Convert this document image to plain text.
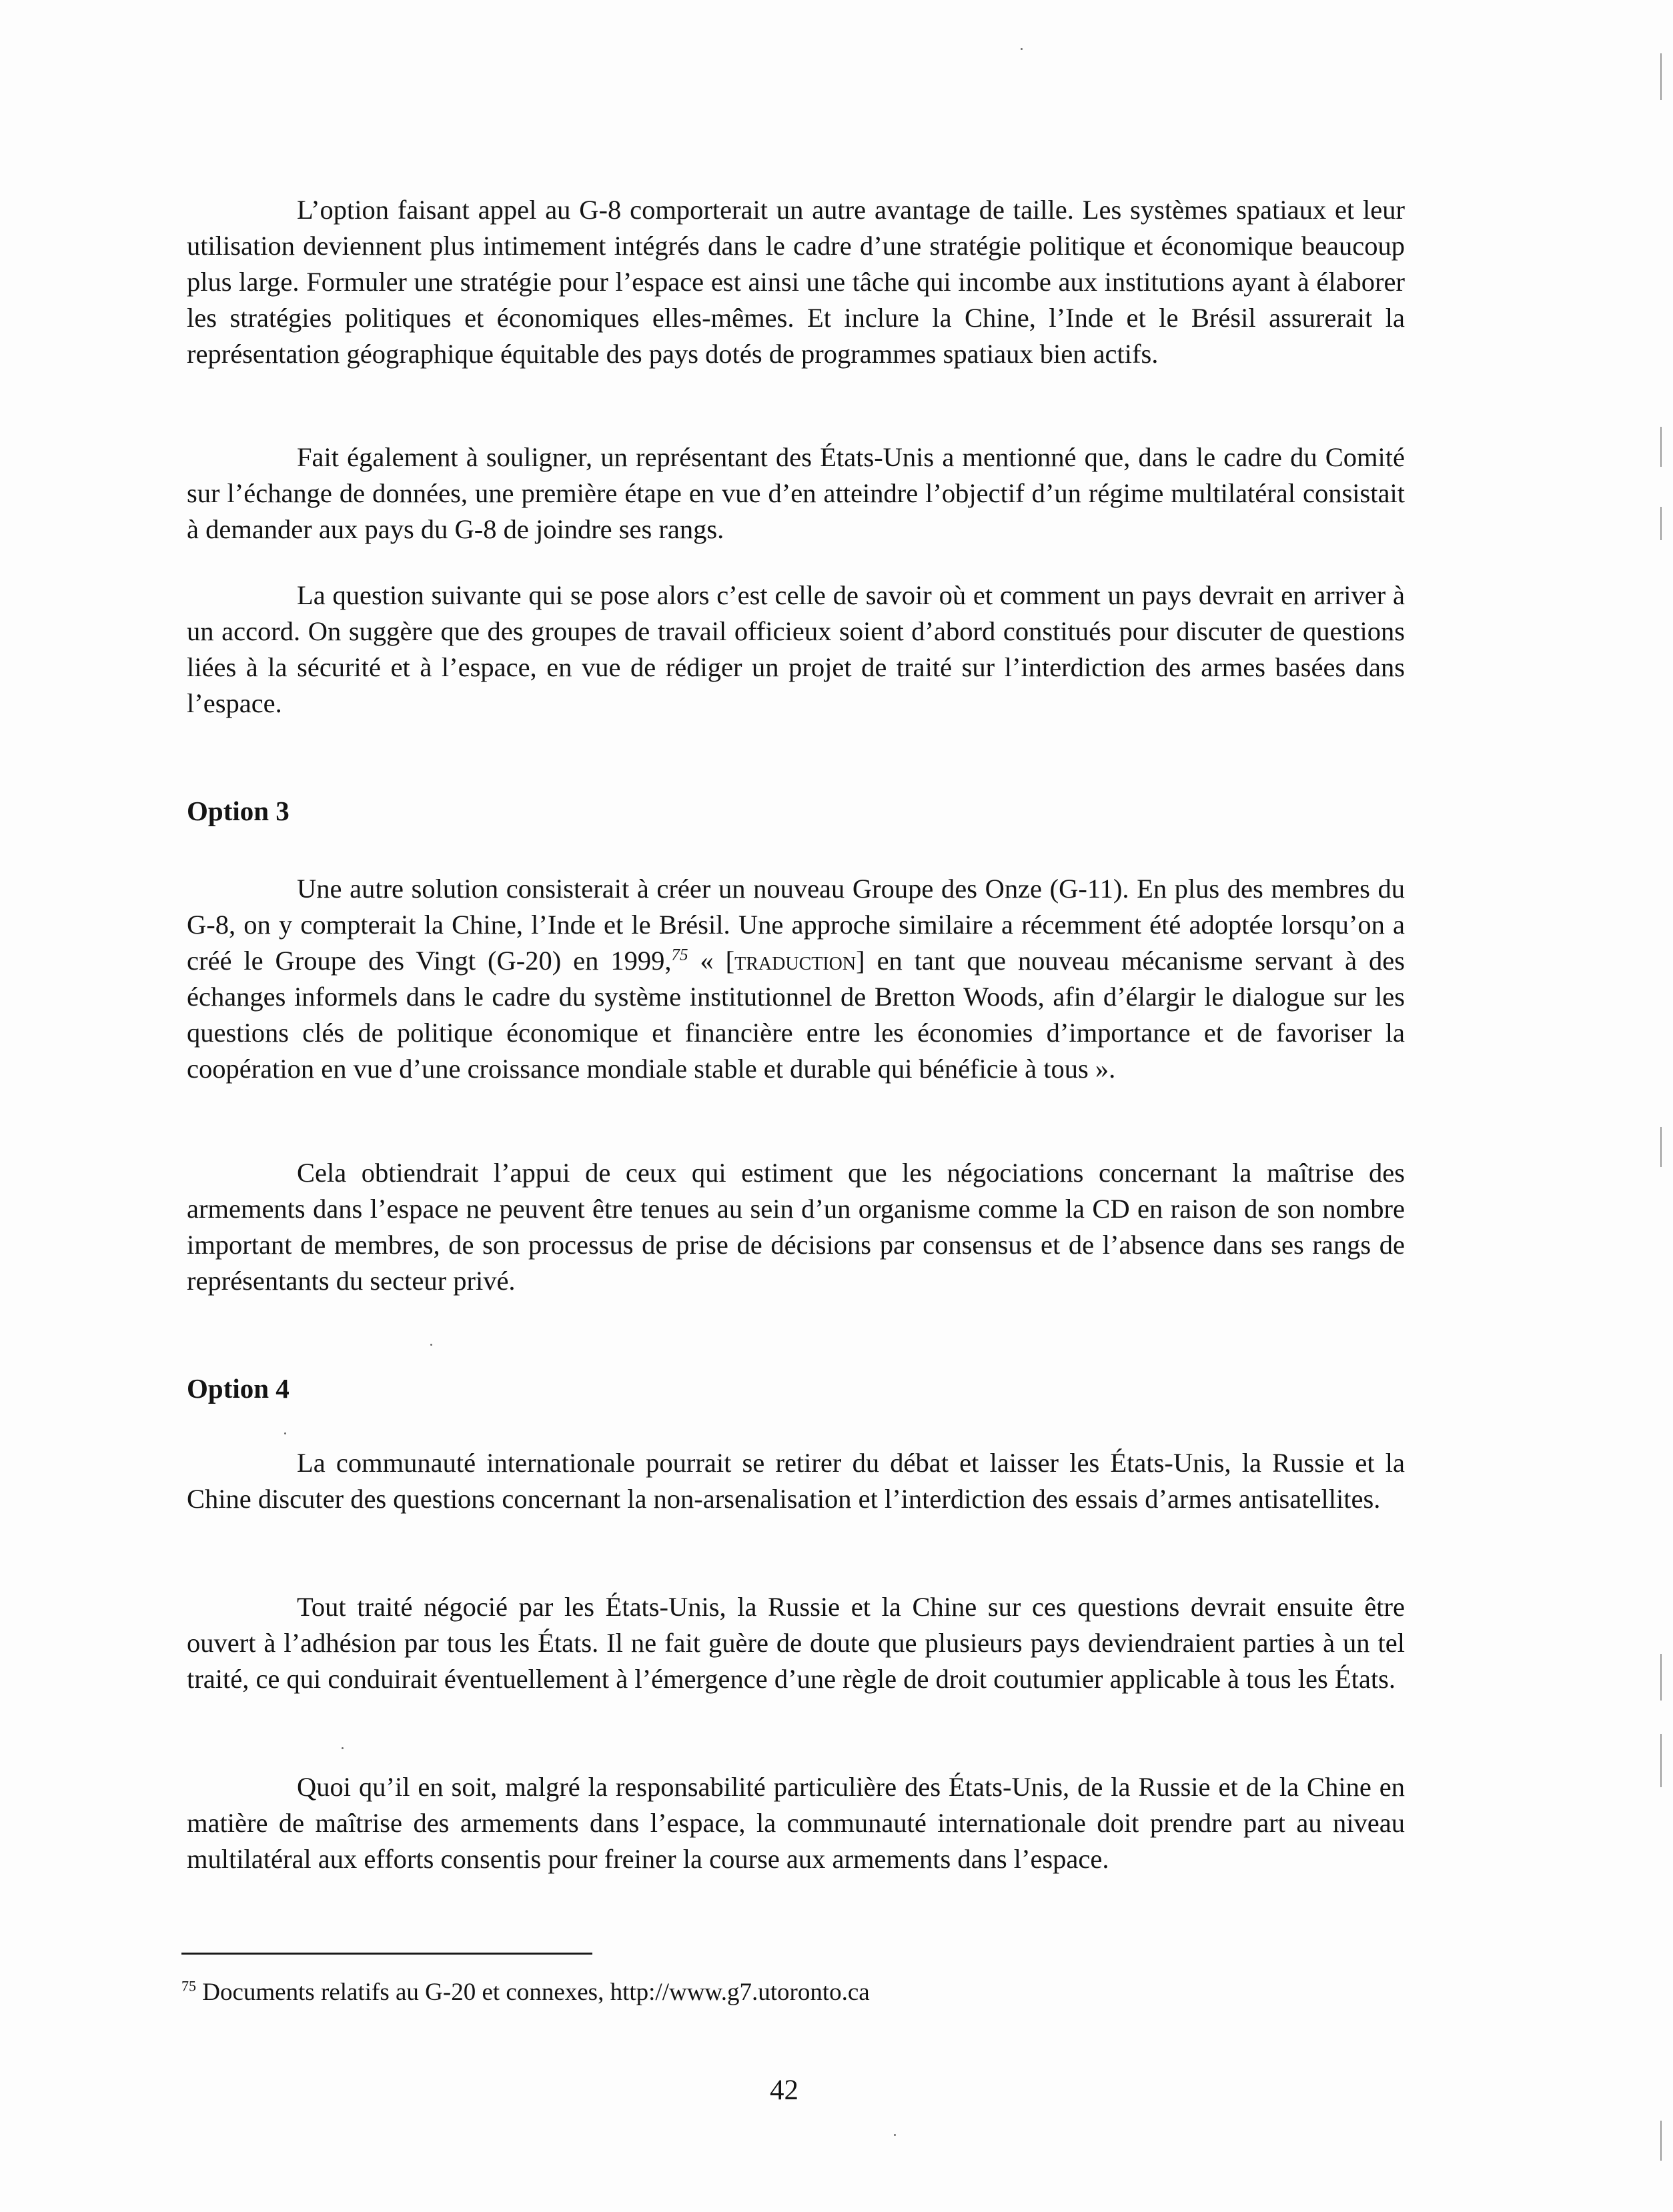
L’option faisant appel au G-8 comporterait un autre avantage de taille. Les systèmes spatiaux et leur utilisation deviennent plus intimement intégrés dans le cadre d’une stratégie politique et économique beaucoup plus large. Formuler une stratégie pour l’espace est ainsi une tâche qui incombe aux institutions ayant à élaborer les stratégies politiques et économiques elles-mêmes. Et inclure la Chine, l’Inde et le Brésil assurerait la représentation géographique équitable des pays dotés de programmes spatiaux bien actifs.

Fait également à souligner, un représentant des États-Unis a mentionné que, dans le cadre du Comité sur l’échange de données, une première étape en vue d’en atteindre l’objectif d’un régime multilatéral consistait à demander aux pays du G-8 de joindre ses rangs.

La question suivante qui se pose alors c’est celle de savoir où et comment un pays devrait en arriver à un accord. On suggère que des groupes de travail officieux soient d’abord constitués pour discuter de questions liées à la sécurité et à l’espace, en vue de rédiger un projet de traité sur l’interdiction des armes basées dans l’espace.

Option 3

Une autre solution consisterait à créer un nouveau Groupe des Onze (G-11). En plus des membres du G-8, on y compterait la Chine, l’Inde et le Brésil. Une approche similaire a récemment été adoptée lorsqu’on a créé le Groupe des Vingt (G-20) en 1999,75 « [traduction] en tant que nouveau mécanisme servant à des échanges informels dans le cadre du système institutionnel de Bretton Woods, afin d’élargir le dialogue sur les questions clés de politique économique et financière entre les économies d’importance et de favoriser la coopération en vue d’une croissance mondiale stable et durable qui bénéficie à tous ».

Cela obtiendrait l’appui de ceux qui estiment que les négociations concernant la maîtrise des armements dans l’espace ne peuvent être tenues au sein d’un organisme comme la CD en raison de son nombre important de membres, de son processus de prise de décisions par consensus et de l’absence dans ses rangs de représentants du secteur privé.

Option 4

La communauté internationale pourrait se retirer du débat et laisser les États-Unis, la Russie et la Chine discuter des questions concernant la non-arsenalisation et l’interdiction des essais d’armes antisatellites.

Tout traité négocié par les États-Unis, la Russie et la Chine sur ces questions devrait ensuite être ouvert à l’adhésion par tous les États. Il ne fait guère de doute que plusieurs pays deviendraient parties à un tel traité, ce qui conduirait éventuellement à l’émergence d’une règle de droit coutumier applicable à tous les États.

Quoi qu’il en soit, malgré la responsabilité particulière des États-Unis, de la Russie et de la Chine en matière de maîtrise des armements dans l’espace, la communauté internationale doit prendre part au niveau multilatéral aux efforts consentis pour freiner la course aux armements dans l’espace.

$^{75}$ Documents relatifs au G-20 et connexes, http://www.g7.utoronto.ca

42
